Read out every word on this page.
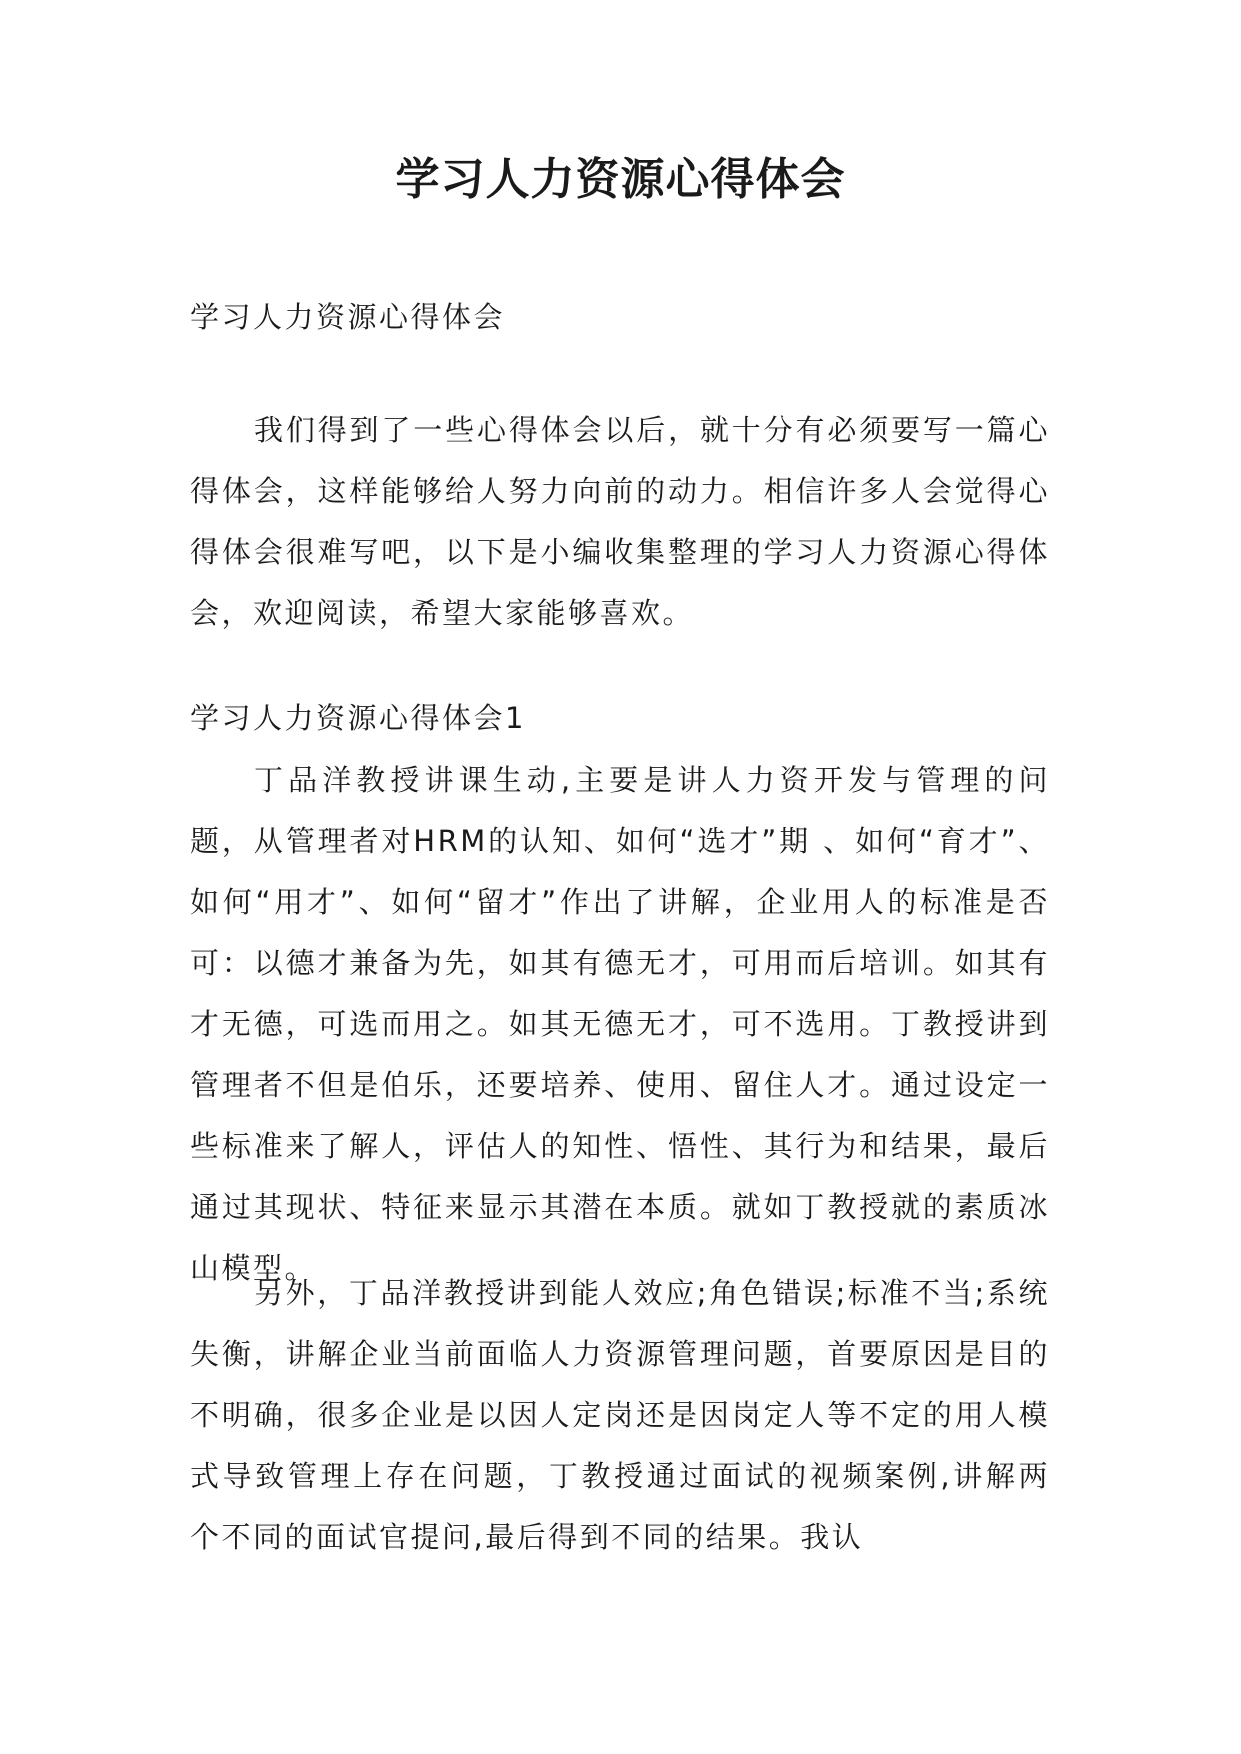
学习人力资源心得体会

学习人力资源心得体会

我们得到了一些心得体会以后，就十分有必须要写一篇心得体会，这样能够给人努力向前的动力。相信许多人会觉得心得体会很难写吧，以下是小编收集整理的学习人力资源心得体会，欢迎阅读，希望大家能够喜欢。

学习人力资源心得体会1

丁品洋教授讲课生动,主要是讲人力资开发与管理的问题，从管理者对HRM的认知、如何“选才”期 、如何“育才”、如何“用才”、如何“留才”作出了讲解，企业用人的标准是否可：以德才兼备为先，如其有德无才，可用而后培训。如其有才无德，可选而用之。如其无德无才，可不选用。丁教授讲到管理者不但是伯乐，还要培养、使用、留住人才。通过设定一些标准来了解人，评估人的知性、悟性、其行为和结果，最后通过其现状、特征来显示其潜在本质。就如丁教授就的素质冰山模型。

另外，丁品洋教授讲到能人效应;角色错误;标准不当;系统失衡，讲解企业当前面临人力资源管理问题，首要原因是目的不明确，很多企业是以因人定岗还是因岗定人等不定的用人模式导致管理上存在问题，丁教授通过面试的视频案例,讲解两个不同的面试官提问,最后得到不同的结果。我认
